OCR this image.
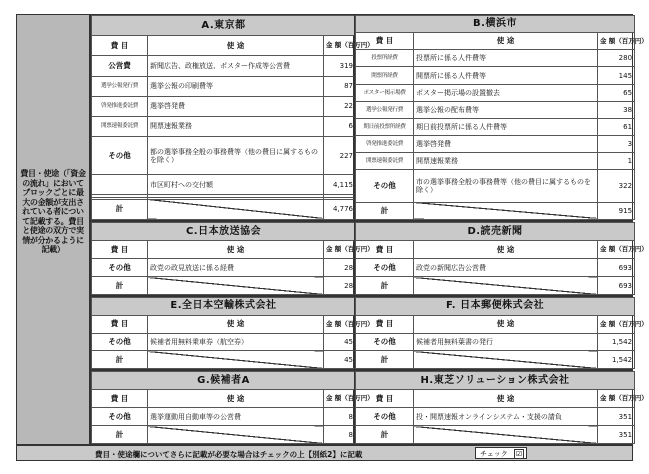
費目・使途（「資金の流れ」においてブロックごとに最大の金額が支出されている者について記載する。費目と使途の双方で実情が分かるように記載）
A.東京都		
費 目	使 途	金 額（百万円）
公営費	新聞広告、政権放送、ポスター作成等公営費	319
選挙公報発行費	選挙公報の印刷費等	87
啓発推進委託費	選挙啓発費	22
開票速報委託費	開票速報業務	6
その他	都の選挙事務全般の事務費等（他の費目に属するものを除く）	227
	市区町村への交付額	4,115

計		4,776
B.横浜市		
費 目	使 途	金 額（百万円）
投票所経費	投票所に係る人件費等	280
開票所経費	開票所に係る人件費等	145
ポスター掲示場費	ポスター掲示場の設置撤去	65
選挙公報発行費	選挙公報の配布費等	38
期日前投票所経費	期日前投票所に係る人件費等	61
啓発推進委託費	選挙啓発費	3
開票速報委託費	開票速報業務	1
その他	市の選挙事務全般の事務費等（他の費目に属するものを除く）	322
計		915
C.日本放送協会		
費 目	使 途	金 額（百万円）
その他	政党の政見放送に係る経費	28
計		28
D.読売新聞		
費 目	使 途	金 額（百万円）
その他	政党の新聞広告公営費	693
計		693
E.全日本空輸株式会社		
費 目	使 途	金 額（百万円）
その他	候補者用無料乗車券（航空券）	45
計		45
F. 日本郵便株式会社		
費 目	使 途	金 額（百万円）
その他	候補者用無料葉書の発行	1,542
計		1,542
G.候補者A		
費 目	使 途	金 額（百万円）
その他	選挙運動用自動車等の公営費	8
計		8
H.東芝ソリューション株式会社		
費 目	使 途	金 額（百万円）
その他	投・開票速報オンラインシステム・支援の請負	351
計		351
費目・使途欄についてさらに記載が必要な場合はチェックの上【別紙2】に記載	チェック ☑
